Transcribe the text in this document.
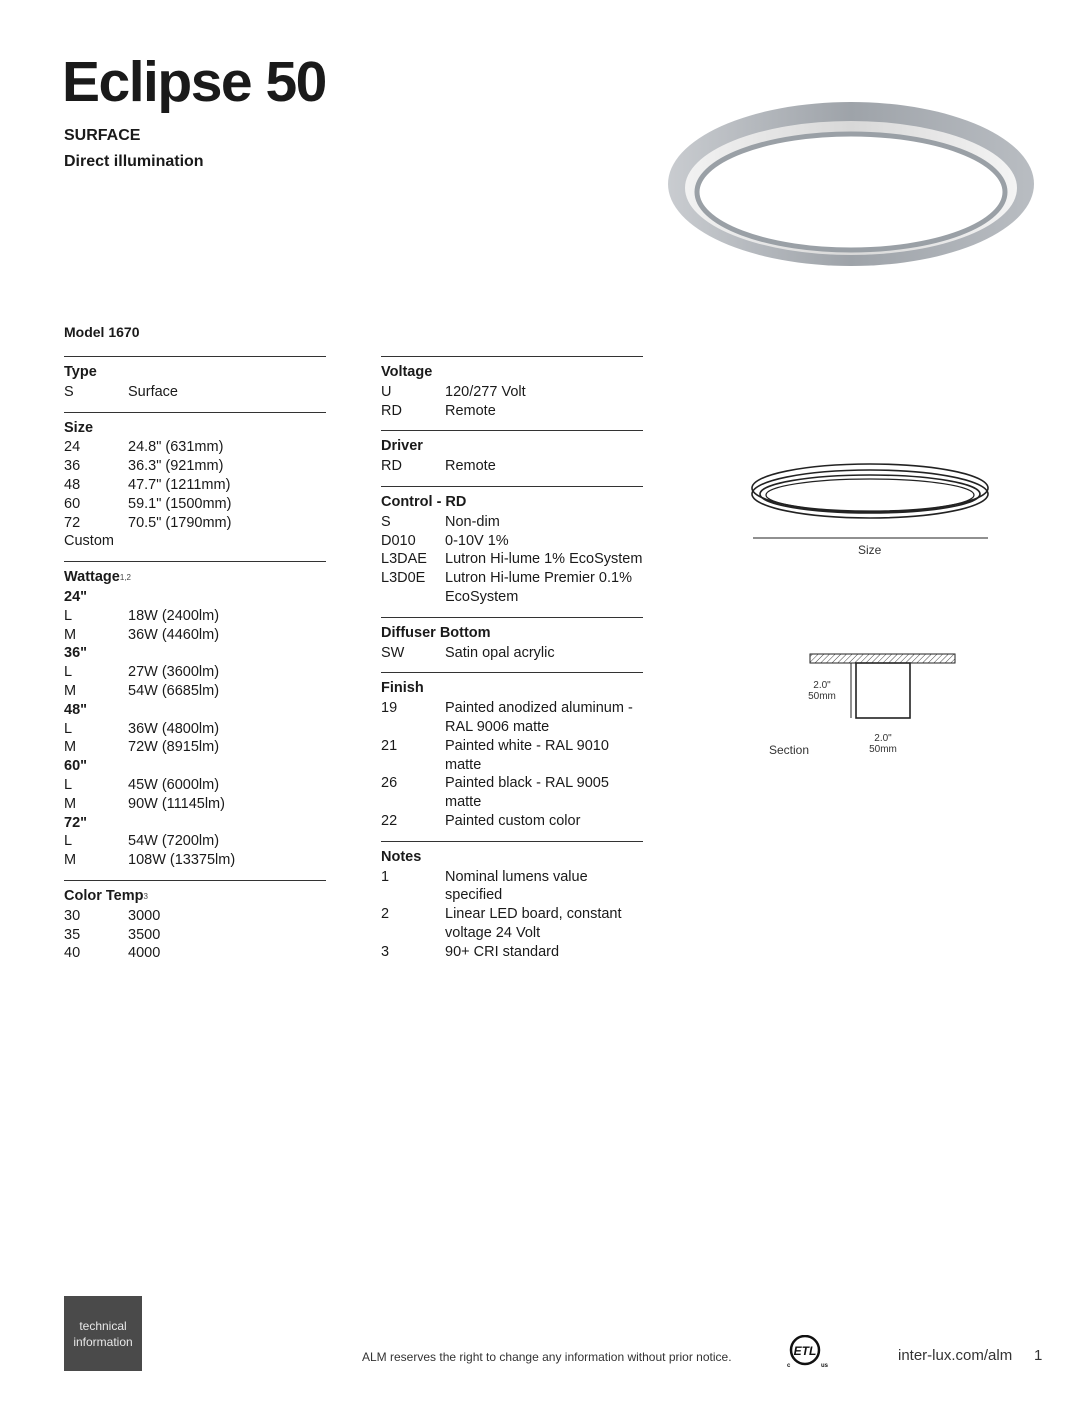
Eclipse 50
SURFACE
Direct illumination
Model 1670
Type
S	Surface
Size
24	24.8" (631mm)
36	36.3" (921mm)
48	47.7" (1211mm)
60	59.1" (1500mm)
72	70.5" (1790mm)
Custom
Wattage$^{1,2}$
24"
L	18W (2400lm)
M	36W (4460lm)
36"
L	27W (3600lm)
M	54W (6685lm)
48"
L	36W (4800lm)
M	72W (8915lm)
60"
L	45W (6000lm)
M	90W (11145lm)
72"
L	54W (7200lm)
M	108W (13375lm)
Color Temp$^3$
30	3000
35	3500
40	4000
Voltage
U	120/277 Volt
RD	Remote
Driver
RD	Remote
Control - RD
S	Non-dim
D010	0-10V 1%
L3DAE	Lutron Hi-lume 1% EcoSystem
L3D0E	Lutron Hi-lume Premier 0.1% EcoSystem
Diffuser Bottom
SW	Satin opal acrylic
Finish
19	Painted anodized aluminum - RAL 9006 matte
21	Painted white - RAL 9010 matte
26	Painted black - RAL 9005 matte
22	Painted custom color
Notes
1	Nominal lumens value specified
2	Linear LED board, constant voltage 24 Volt
3	90+ CRI standard
Size
2.0"
50mm
2.0"
50mm
Section
technical
information
ALM reserves the right to change any information without prior notice.	ETL
c	us
inter-lux.com/alm 1
